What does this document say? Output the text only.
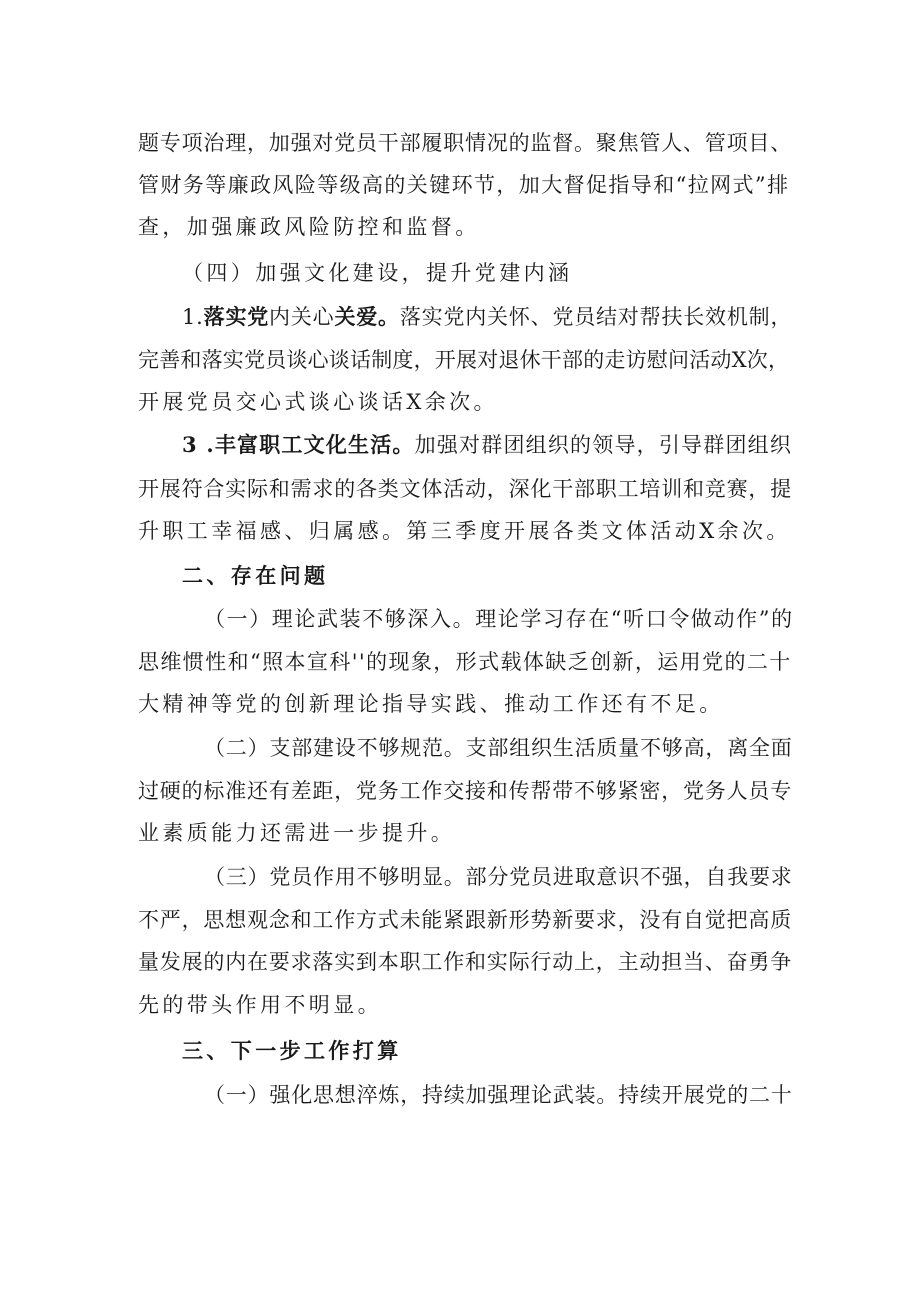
题专项治理，加强对党员干部履职情况的监督。聚焦管人、管项目、
管财务等廉政风险等级高的关键环节，加大督促指导和“拉网式”排
查，加强廉政风险防控和监督。
（四）加强文化建设，提升党建内涵
1.落实党内关心关爱。落实党内关怀、党员结对帮扶长效机制，
完善和落实党员谈心谈话制度，开展对退休干部的走访慰问活动X次，
开展党员交心式谈心谈话X余次。
3 .丰富职工文化生活。加强对群团组织的领导，引导群团组织
开展符合实际和需求的各类文体活动，深化干部职工培训和竞赛，提
升职工幸福感、归属感。第三季度开展各类文体活动X余次。
二、存在问题
（一）理论武装不够深入。理论学习存在“听口令做动作”的
思维惯性和“照本宣科''的现象，形式载体缺乏创新，运用党的二十
大精神等党的创新理论指导实践、推动工作还有不足。
（二）支部建设不够规范。支部组织生活质量不够高，离全面
过硬的标准还有差距，党务工作交接和传帮带不够紧密，党务人员专
业素质能力还需进一步提升。
（三）党员作用不够明显。部分党员进取意识不强，自我要求
不严，思想观念和工作方式未能紧跟新形势新要求，没有自觉把高质
量发展的内在要求落实到本职工作和实际行动上，主动担当、奋勇争
先的带头作用不明显。
三、下一步工作打算
（一）强化思想淬炼，持续加强理论武装。持续开展党的二十
